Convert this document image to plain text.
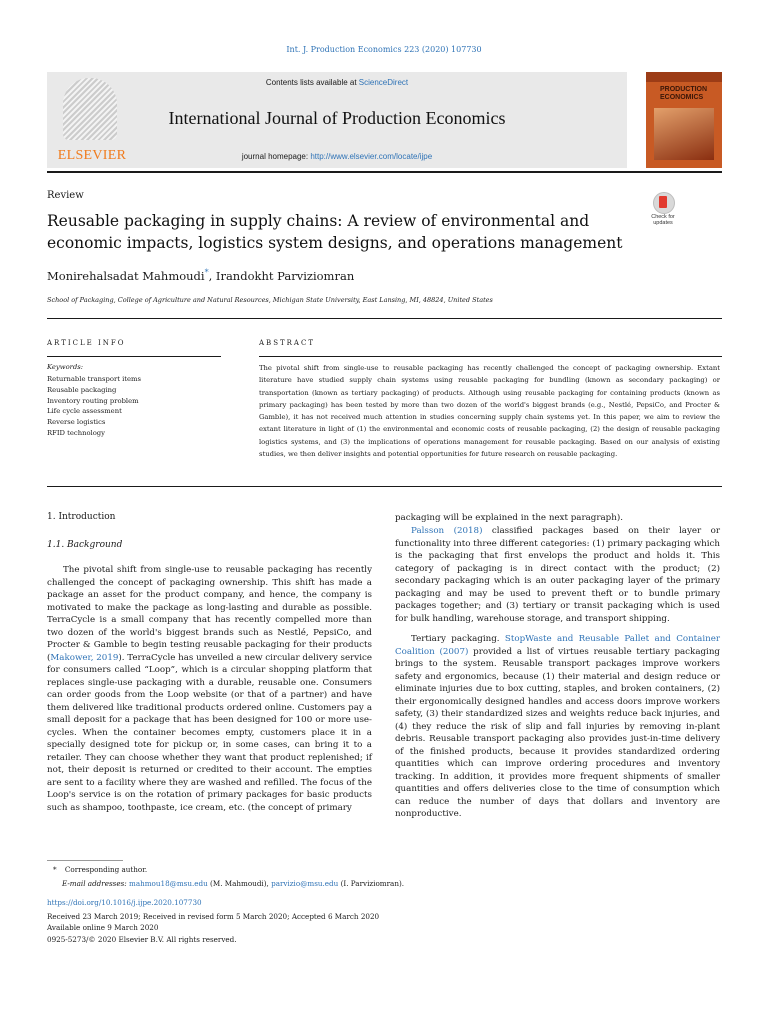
Int. J. Production Economics 223 (2020) 107730
ELSEVIER
Contents lists available at ScienceDirect
International Journal of Production Economics
journal homepage: http://www.elsevier.com/locate/ijpe
PRODUCTION ECONOMICS
Review
Reusable packaging in supply chains: A review of environmental and economic impacts, logistics system designs, and operations management
Check for updates
Monirehalsadat Mahmoudi*, Irandokht Parviziomran
School of Packaging, College of Agriculture and Natural Resources, Michigan State University, East Lansing, MI, 48824, United States
ARTICLE INFO
Keywords:
Returnable transport items
Reusable packaging
Inventory routing problem
Life cycle assessment
Reverse logistics
RFID technology
ABSTRACT
The pivotal shift from single-use to reusable packaging has recently challenged the concept of packaging ownership. Extant literature have studied supply chain systems using reusable packaging for bundling (known as secondary packaging) or transportation (known as tertiary packaging) of products. Although using reusable packaging for containing products (known as primary packaging) has been tested by more than two dozen of the world's biggest brands (e.g., Nestlé, PepsiCo, and Procter & Gamble), it has not received much attention in studies concerning supply chain systems yet. In this paper, we aim to review the extant literature in light of (1) the environmental and economic costs of reusable packaging, (2) the design of reusable packaging logistics systems, and (3) the implications of operations management for reusable packaging. Based on our analysis of existing studies, we then deliver insights and potential opportunities for future research on reusable packaging.
1. Introduction
1.1. Background
The pivotal shift from single-use to reusable packaging has recently challenged the concept of packaging ownership. This shift has made a package an asset for the product company, and hence, the company is motivated to make the package as long-lasting and durable as possible. TerraCycle is a small company that has recently compelled more than two dozen of the world's biggest brands such as Nestlé, PepsiCo, and Procter & Gamble to begin testing reusable packaging for their products (Makower, 2019). TerraCycle has unveiled a new circular delivery service for consumers called “Loop”, which is a circular shopping platform that replaces single-use packaging with a durable, reusable one. Consumers can order goods from the Loop website (or that of a partner) and have them delivered like traditional products ordered online. Customers pay a small deposit for a package that has been designed for 100 or more use-cycles. When the container becomes empty, customers place it in a specially designed tote for pickup or, in some cases, can bring it to a retailer. They can choose whether they want that product replenished; if not, their deposit is returned or credited to their account. The empties are sent to a facility where they are washed and refilled. The focus of the Loop's service is on the rotation of primary packages for basic products such as shampoo, toothpaste, ice cream, etc. (the concept of primary
packaging will be explained in the next paragraph).
Palsson (2018) classified packages based on their layer or functionality into three different categories: (1) primary packaging which is the packaging that first envelops the product and holds it. This category of packaging is in direct contact with the product; (2) secondary packaging which is an outer packaging layer of the primary packaging and may be used to prevent theft or to bundle primary packages together; and (3) tertiary or transit packaging which is used for bulk handling, warehouse storage, and transport shipping.
Tertiary packaging. StopWaste and Reusable Pallet and Container Coalition (2007) provided a list of virtues reusable tertiary packaging brings to the system. Reusable transport packages improve workers safety and ergonomics, because (1) their material and design reduce or eliminate injuries due to box cutting, staples, and broken containers, (2) their ergonomically designed handles and access doors improve workers safety, (3) their standardized sizes and weights reduce back injuries, and (4) they reduce the risk of slip and fall injuries by removing in-plant debris. Reusable transport packaging also provides just-in-time delivery of the finished products, because it provides standardized ordering quantities which can improve ordering procedures and inventory tracking. In addition, it provides more frequent shipments of smaller quantities and offers deliveries close to the time of consumption which can reduce the number of days that dollars and inventory are nonproductive.
* Corresponding author.
E-mail addresses: mahmou18@msu.edu (M. Mahmoudi), parvizio@msu.edu (I. Parviziomran).
https://doi.org/10.1016/j.ijpe.2020.107730
Received 23 March 2019; Received in revised form 5 March 2020; Accepted 6 March 2020
Available online 9 March 2020
0925-5273/© 2020 Elsevier B.V. All rights reserved.
